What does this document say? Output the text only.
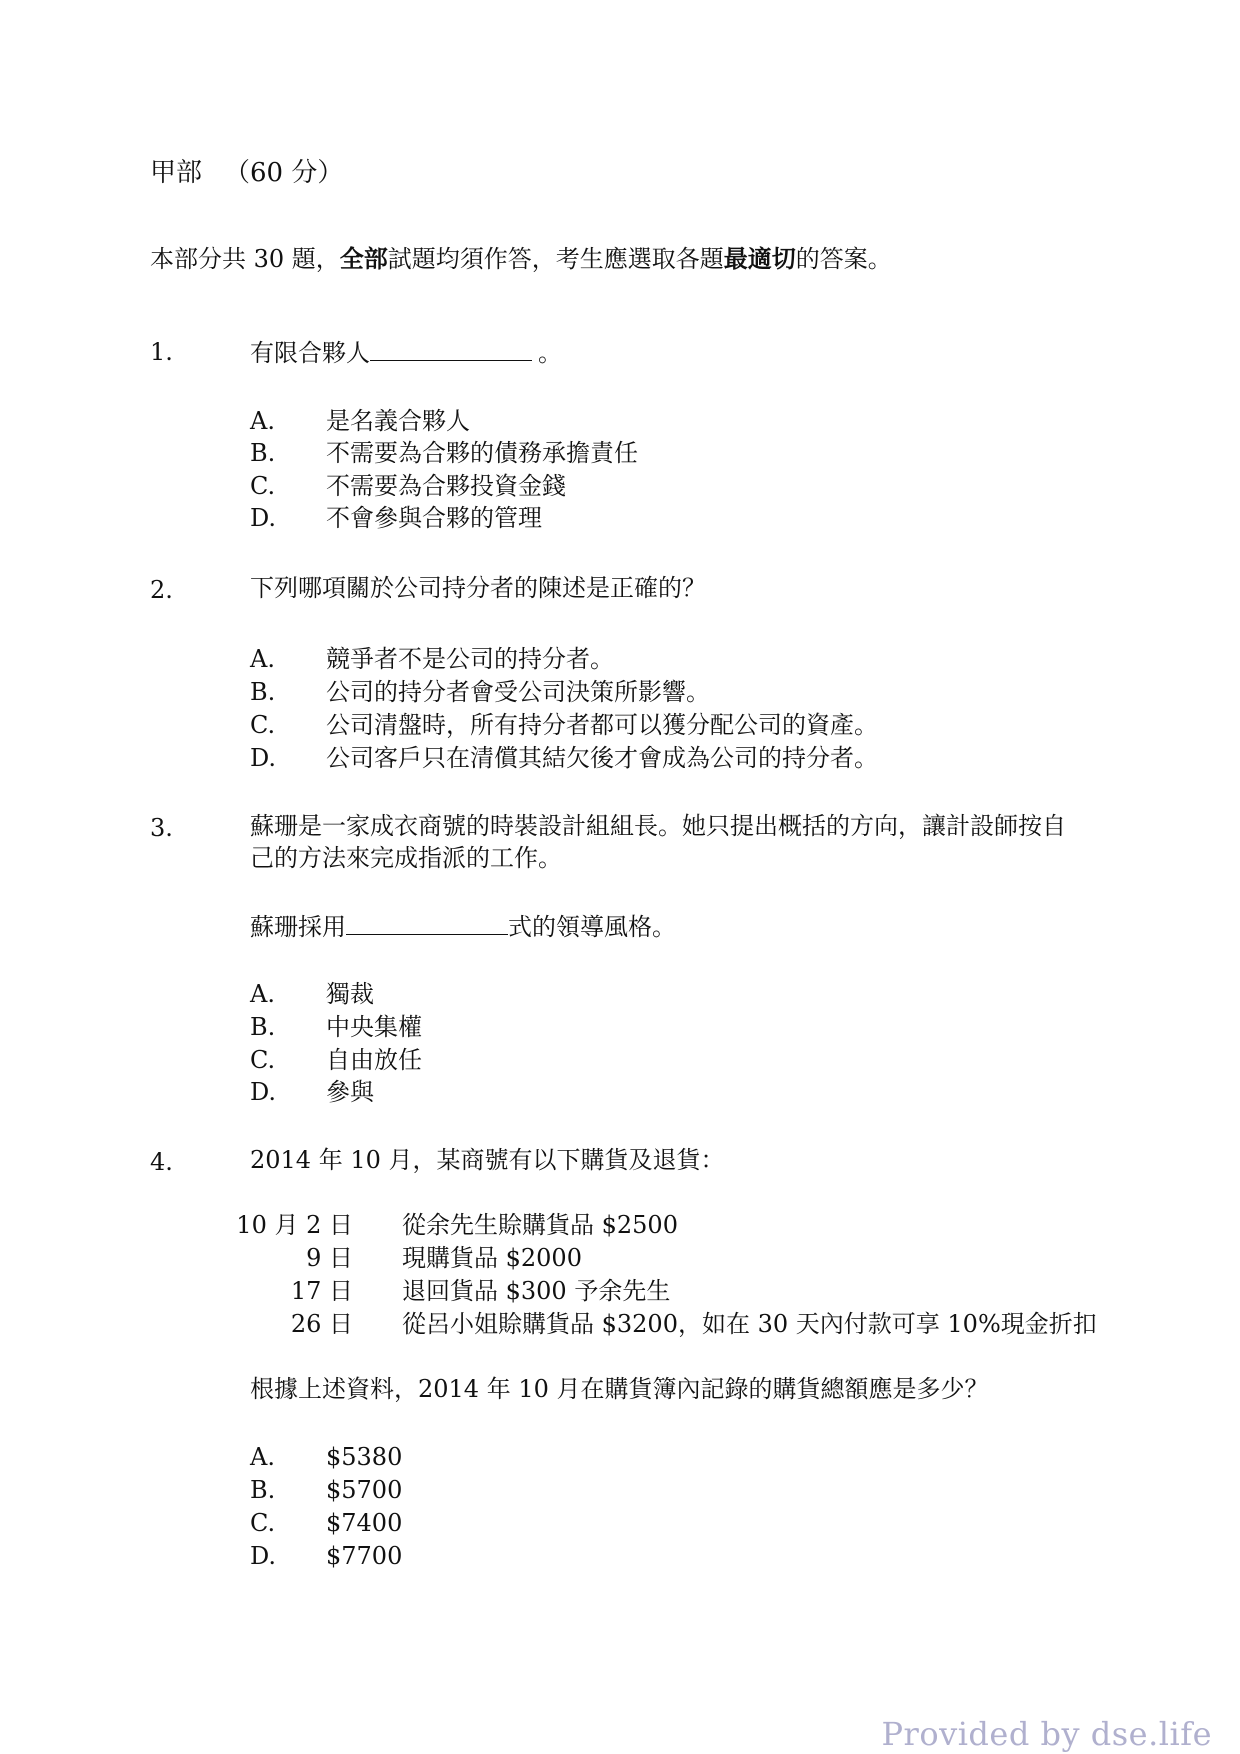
甲部 （60 分）
本部分共 30 題，全部試題均須作答，考生應選取各題最適切的答案。
1.	有限合夥人	。
A. 是名義合夥人
B. 不需要為合夥的債務承擔責任
C. 不需要為合夥投資金錢
D. 不會參與合夥的管理
2.	下列哪項關於公司持分者的陳述是正確的？
A. 競爭者不是公司的持分者。
B. 公司的持分者會受公司決策所影響。
C. 公司清盤時，所有持分者都可以獲分配公司的資產。
D. 公司客戶只在清償其結欠後才會成為公司的持分者。
3.	蘇珊是一家成衣商號的時裝設計組組長。她只提出概括的方向，讓計設師按自
己的方法來完成指派的工作。
蘇珊採用	式的領導風格。
A. 獨裁
B. 中央集權
C. 自由放任
D. 參與
4.	2014 年 10 月，某商號有以下購貨及退貨：
10 月 2 日 從余先生賒購貨品 $2500
9 日 現購貨品 $2000
17 日 退回貨品 $300 予余先生
26 日 從呂小姐賒購貨品 $3200，如在 30 天內付款可享 10%現金折扣
根據上述資料，2014 年 10 月在購貨簿內記錄的購貨總額應是多少？
A. $5380
B. $5700
C. $7400
D. $7700
Provided by dse.life
